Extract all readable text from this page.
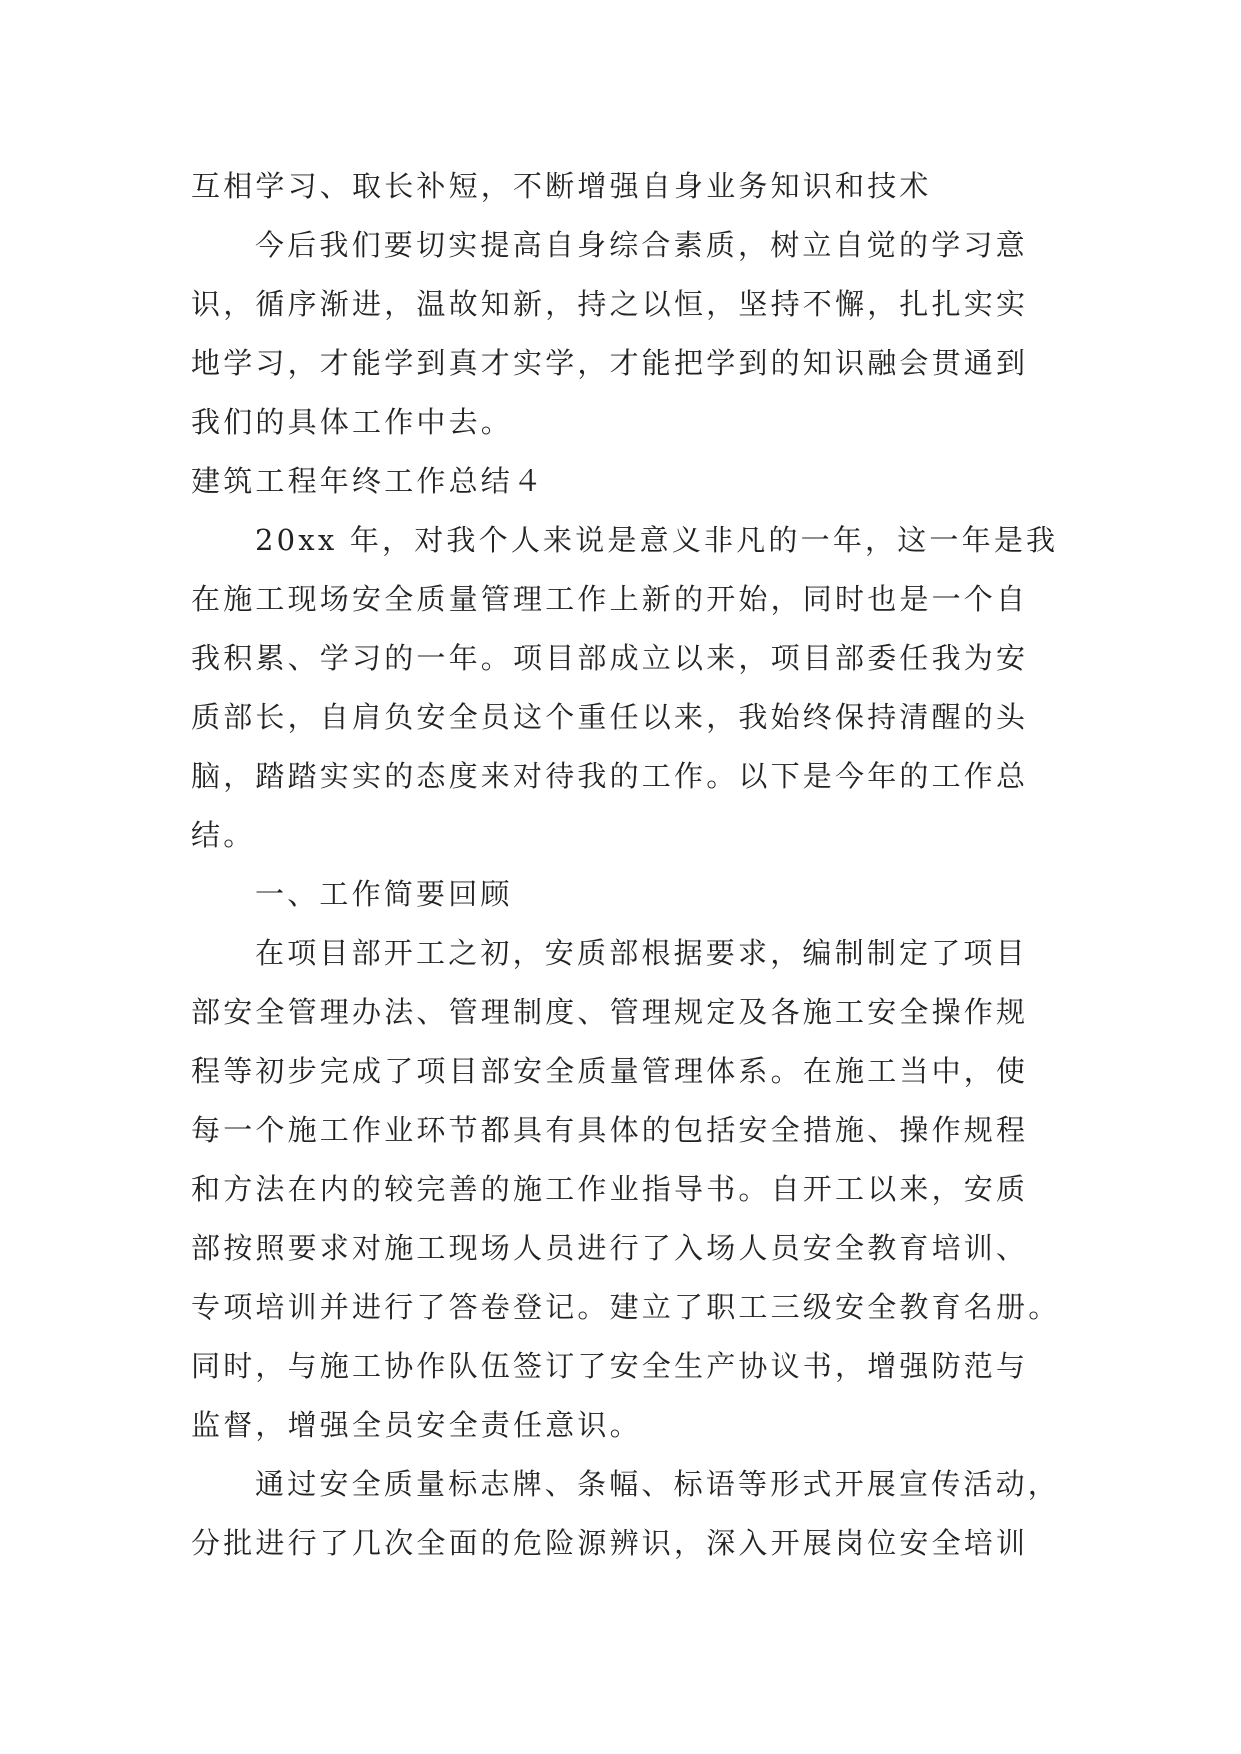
互相学习、取长补短，不断增强自身业务知识和技术
今后我们要切实提高自身综合素质，树立自觉的学习意
识，循序渐进，温故知新，持之以恒，坚持不懈，扎扎实实
地学习，才能学到真才实学，才能把学到的知识融会贯通到
我们的具体工作中去。
建筑工程年终工作总结４
20xx 年，对我个人来说是意义非凡的一年，这一年是我
在施工现场安全质量管理工作上新的开始，同时也是一个自
我积累、学习的一年。项目部成立以来，项目部委任我为安
质部长，自肩负安全员这个重任以来，我始终保持清醒的头
脑，踏踏实实的态度来对待我的工作。以下是今年的工作总
结。
一、工作简要回顾
在项目部开工之初，安质部根据要求，编制制定了项目
部安全管理办法、管理制度、管理规定及各施工安全操作规
程等初步完成了项目部安全质量管理体系。在施工当中，使
每一个施工作业环节都具有具体的包括安全措施、操作规程
和方法在内的较完善的施工作业指导书。自开工以来，安质
部按照要求对施工现场人员进行了入场人员安全教育培训、
专项培训并进行了答卷登记。建立了职工三级安全教育名册。
同时，与施工协作队伍签订了安全生产协议书，增强防范与
监督，增强全员安全责任意识。
通过安全质量标志牌、条幅、标语等形式开展宣传活动，
分批进行了几次全面的危险源辨识，深入开展岗位安全培训
